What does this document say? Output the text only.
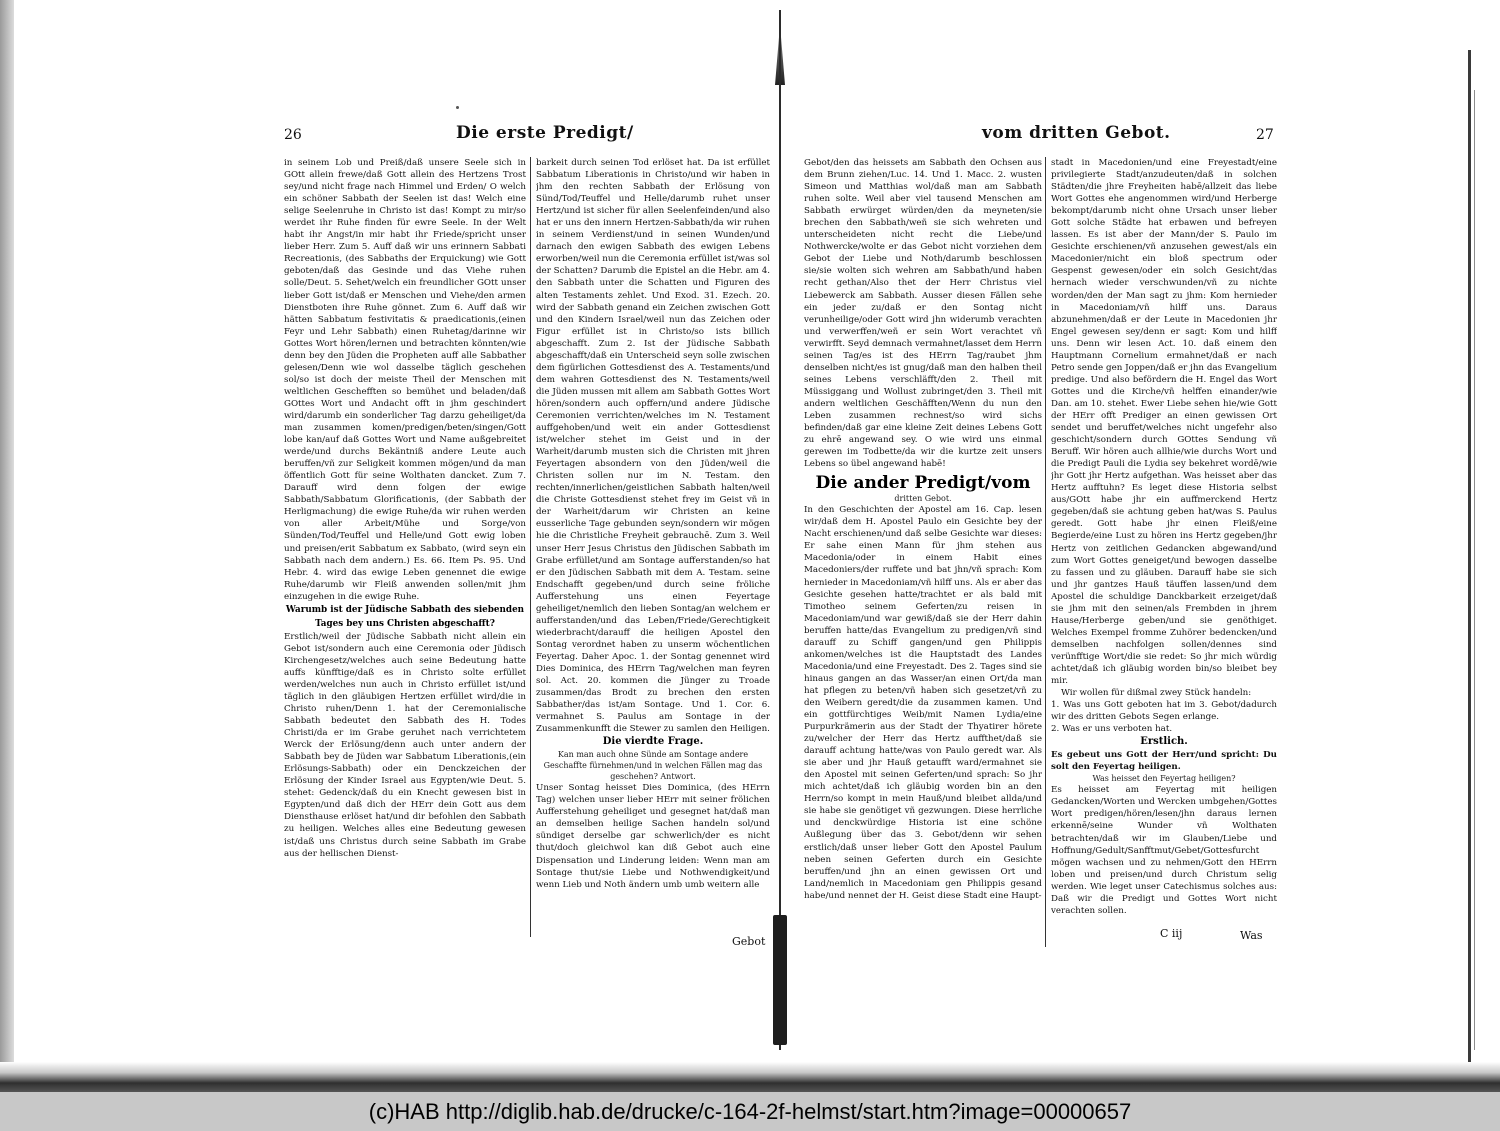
26	Die erste Predigt/

in seinem Lob und Preiß/daß unsere Seele sich in GOtt allein frewe/daß Gott allein des Hertzens Trost sey/und nicht frage nach Himmel und Erden/ O welch ein schöner Sabbath der Seelen ist das! Welch eine selige Seelenruhe in Christo ist das! Kompt zu mir/so werdet ihr Ruhe finden für ewre Seele. In der Welt habt ihr Angst/in mir habt ihr Friede/spricht unser lieber Herr. Zum 5. Auff daß wir uns erinnern Sabbati Recreationis, (des Sabbaths der Erquickung) wie Gott geboten/daß das Gesinde und das Viehe ruhen solle/Deut. 5. Sehet/welch ein freundlicher GOtt unser lieber Gott ist/daß er Menschen und Viehe/den armen Dienstboten ihre Ruhe gönnet. Zum 6. Auff daß wir hätten Sabbatum festivitatis & praedicationis,(einen Feyr und Lehr Sabbath) einen Ruhetag/darinne wir Gottes Wort hören/lernen und betrachten könnten/wie denn bey den Jüden die Propheten auff alle Sabbather gelesen/Denn wie wol dasselbe täglich geschehen sol/so ist doch der meiste Theil der Menschen mit weltlichen Geschefften so bemühet und beladen/daß GOttes Wort und Andacht offt in jhm geschindert wird/darumb ein sonderlicher Tag darzu geheiliget/da man zusammen komen/predigen/beten/singen/Gott lobe kan/auf daß Gottes Wort und Name außgebreitet werde/und durchs Bekäntniß andere Leute auch beruffen/vñ zur Seligkeit kommen mögen/und da man öffentlich Gott für seine Wolthaten dancket. Zum 7. Darauff wird denn folgen der ewige Sabbath/Sabbatum Glorificationis, (der Sabbath der Herligmachung) die ewige Ruhe/da wir ruhen werden von aller Arbeit/Mühe und Sorge/von Sünden/Tod/Teuffel und Helle/und Gott ewig loben und preisen/erit Sabbatum ex Sabbato, (wird seyn ein Sabbath nach dem andern.) Es. 66. Item Ps. 95. Und Hebr. 4. wird das ewige Leben genennet die ewige Ruhe/darumb wir Fleiß anwenden sollen/mit jhm einzugehen in die ewige Ruhe.

Warumb ist der Jüdische Sabbath des siebenden Tages bey uns Christen abgeschafft?

Erstlich/weil der Jüdische Sabbath nicht allein ein Gebot ist/sondern auch eine Ceremonia oder Jüdisch Kirchengesetz/welches auch seine Bedeutung hatte auffs künfftige/daß es in Christo solte erfüllet werden/welches nun auch in Christo erfüllet ist/und täglich in den gläubigen Hertzen erfüllet wird/die in Christo ruhen/Denn 1. hat der Ceremonialische Sabbath bedeutet den Sabbath des H. Todes Christi/da er im Grabe geruhet nach verrichtetem Werck der Erlösung/denn auch unter andern der Sabbath bey de Jüden war Sabbatum Liberationis,(ein Erlösungs-Sabbath) oder ein Denckzeichen der Erlösung der Kinder Israel aus Egypten/wie Deut. 5. stehet: Gedenck/daß du ein Knecht gewesen bist in Egypten/und daß dich der HErr dein Gott aus dem Diensthause erlöset hat/und dir befohlen den Sabbath zu heiligen. Welches alles eine Bedeutung gewesen ist/daß uns Christus durch seine Sabbath im Grabe aus der hellischen Dienst-

barkeit durch seinen Tod erlöset hat. Da ist erfüllet Sabbatum Liberationis in Christo/und wir haben in jhm den rechten Sabbath der Erlösung von Sünd/Tod/Teuffel und Helle/darumb ruhet unser Hertz/und ist sicher für allen Seelenfeinden/und also hat er uns den innern Hertzen-Sabbath/da wir ruhen in seinem Verdienst/und in seinen Wunden/und darnach den ewigen Sabbath des ewigen Lebens erworben/weil nun die Ceremonia erfüllet ist/was sol der Schatten? Darumb die Epistel an die Hebr. am 4. den Sabbath unter die Schatten und Figuren des alten Testaments zehlet. Und Exod. 31. Ezech. 20. wird der Sabbath genand ein Zeichen zwischen Gott und den Kindern Israel/weil nun das Zeichen oder Figur erfüllet ist in Christo/so ists billich abgeschafft. Zum 2. Ist der Jüdische Sabbath abgeschafft/daß ein Unterscheid seyn solle zwischen dem figürlichen Gottesdienst des A. Testaments/und dem wahren Gottesdienst des N. Testaments/weil die Jüden mussen mit allem am Sabbath Gottes Wort hören/sondern auch opffern/und andere Jüdische Ceremonien verrichten/welches im N. Testament auffgehoben/und weit ein ander Gottesdienst ist/welcher stehet im Geist und in der Warheit/darumb musten sich die Christen mit jhren Feyertagen absondern von den Jüden/weil die Christen sollen nur im N. Testam. den rechten/innerlichen/geistlichen Sabbath halten/weil die Christe Gottesdienst stehet frey im Geist vñ in der Warheit/darum wir Christen an keine eusserliche Tage gebunden seyn/sondern wir mögen hie die Christliche Freyheit gebrauchē. Zum 3. Weil unser Herr Jesus Christus den Jüdischen Sabbath im Grabe erfüllet/und am Sontage aufferstanden/so hat er den Jüdischen Sabbath mit dem A. Testam. seine Endschafft gegeben/und durch seine fröliche Aufferstehung uns einen Feyertage geheiliget/nemlich den lieben Sontag/an welchem er aufferstanden/und das Leben/Friede/Gerechtigkeit wiederbracht/darauff die heiligen Apostel den Sontag verordnet haben zu unserm wöchentlichen Feyertag. Daher Apoc. 1. der Sontag genennet wird Dies Dominica, des HErrn Tag/welchen man feyren sol. Act. 20. kommen die Jünger zu Troade zusammen/das Brodt zu brechen den ersten Sabbather/das ist/am Sontage. Und 1. Cor. 6. vermahnet S. Paulus am Sontage in der Zusammenkunfft die Stewer zu samlen den Heiligen.

Die vierdte Frage.

Kan man auch ohne Sünde am Sontage andere Geschaffte fürnehmen/und in welchen Fällen mag das geschehen? Antwort.

Unser Sontag heisset Dies Dominica, (des HErrn Tag) welchen unser lieber HErr mit seiner frölichen Aufferstehung geheiliget und gesegnet hat/daß man an demselben heilige Sachen handeln sol/und sündiget derselbe gar schwerlich/der es nicht thut/doch gleichwol kan diß Gebot auch eine Dispensation und Linderung leiden: Wenn man am Sontage thut/sie Liebe und Nothwendigkeit/und wenn Lieb und Noth ändern umb umb weitern alle

Gebot
vom dritten Gebot.	27

Gebot/den das heissets am Sabbath den Ochsen aus dem Brunn ziehen/Luc. 14. Und 1. Macc. 2. wusten Simeon und Matthias wol/daß man am Sabbath ruhen solte. Weil aber viel tausend Menschen am Sabbath erwürget würden/den da meyneten/sie brechen den Sabbath/weñ sie sich wehreten und unterscheideten nicht recht die Liebe/und Nothwercke/wolte er das Gebot nicht vorziehen dem Gebot der Liebe und Noth/darumb beschlossen sie/sie wolten sich wehren am Sabbath/und haben recht gethan/Also thet der Herr Christus viel Liebewerck am Sabbath. Ausser diesen Fällen sehe ein jeder zu/daß er den Sontag nicht verunheilige/oder Gott wird jhn widerumb verachten und verwerffen/weñ er sein Wort verachtet vñ verwirfft. Seyd demnach vermahnet/lasset dem Herrn seinen Tag/es ist des HErrn Tag/raubet jhm denselben nicht/es ist gnug/daß man den halben theil seines Lebens verschläfft/den 2. Theil mit Müssiggang und Wollust zubringet/den 3. Theil mit andern weltlichen Geschäfften/Wenn du nun den Leben zusammen rechnest/so wird sichs befinden/daß gar eine kleine Zeit deines Lebens Gott zu ehrē angewand sey. O wie wird uns einmal gerewen im Todbette/da wir die kurtze zeit unsers Lebens so übel angewand habē!

Die ander Predigt/vom

dritten Gebot.

In den Geschichten der Apostel am 16. Cap. lesen wir/daß dem H. Apostel Paulo ein Gesichte bey der Nacht erschienen/und daß selbe Gesichte war dieses: Er sahe einen Mann für jhm stehen aus Macedonia/oder in einem Habit eines Macedoniers/der ruffete und bat jhn/vñ sprach: Kom hernieder in Macedoniam/vñ hilff uns. Als er aber das Gesichte gesehen hatte/trachtet er als bald mit Timotheo seinem Geferten/zu reisen in Macedoniam/und war gewiß/daß sie der Herr dahin beruffen hatte/das Evangelium zu predigen/vñ sind darauff zu Schiff gangen/und gen Philippis ankomen/welches ist die Hauptstadt des Landes Macedonia/und eine Freyestadt. Des 2. Tages sind sie hinaus gangen an das Wasser/an einen Ort/da man hat pflegen zu beten/vñ haben sich gesetzet/vñ zu den Weibern geredt/die da zusammen kamen. Und ein gottfürchtiges Weib/mit Namen Lydia/eine Purpurkrämerin aus der Stadt der Thyatirer hörete zu/welcher der Herr das Hertz auffthet/daß sie darauff achtung hatte/was von Paulo geredt war. Als sie aber und jhr Hauß getaufft ward/ermahnet sie den Apostel mit seinen Geferten/und sprach: So jhr mich achtet/daß ich gläubig worden bin an den Herrn/so kompt in mein Hauß/und bleibet allda/und sie habe sie genötiget vñ gezwungen. Diese herrliche und denckwürdige Historia ist eine schöne Außlegung über das 3. Gebot/denn wir sehen erstlich/daß unser lieber Gott den Apostel Paulum neben seinen Geferten durch ein Gesichte beruffen/und jhn an einen gewissen Ort und Land/nemlich in Macedoniam gen Philippis gesand habe/und nennet der H. Geist diese Stadt eine Haupt-

stadt in Macedonien/und eine Freyestadt/eine privilegierte Stadt/anzudeuten/daß in solchen Städten/die jhre Freyheiten habē/allzeit das liebe Wort Gottes ehe angenommen wird/und Herberge bekompt/darumb nicht ohne Ursach unser lieber Gott solche Städte hat erbawen und befreyen lassen. Es ist aber der Mann/der S. Paulo im Gesichte erschienen/vñ anzusehen gewest/als ein Macedonier/nicht ein bloß spectrum oder Gespenst gewesen/oder ein solch Gesicht/das hernach wieder verschwunden/vñ zu nichte worden/den der Man sagt zu jhm: Kom hernieder in Macedoniam/vñ hilff uns. Daraus abzunehmen/daß er der Leute in Macedonien jhr Engel gewesen sey/denn er sagt: Kom und hilff uns. Denn wir lesen Act. 10. daß einem den Hauptmann Cornelium ermahnet/daß er nach Petro sende gen Joppen/daß er jhn das Evangelium predige. Und also befördern die H. Engel das Wort Gottes und die Kirche/vñ helffen einander/wie Dan. am 10. stehet. Ewer Liebe sehen hie/wie Gott der HErr offt Prediger an einen gewissen Ort sendet und beruffet/welches nicht ungefehr also geschicht/sondern durch GOttes Sendung vñ Beruff. Wir hören auch allhie/wie durchs Wort und die Predigt Pauli die Lydia sey bekehret wordē/wie jhr Gott jhr Hertz aufgethan. Was heisset aber das Hertz aufftuhn? Es leget diese Historia selbst aus/GOtt habe jhr ein auffmerckend Hertz gegeben/daß sie achtung geben hat/was S. Paulus geredt. Gott habe jhr einen Fleiß/eine Begierde/eine Lust zu hören ins Hertz gegeben/jhr Hertz von zeitlichen Gedancken abgewand/und zum Wort Gottes geneiget/und bewogen dasselbe zu fassen und zu gläuben. Darauff habe sie sich und jhr gantzes Hauß täuffen lassen/und dem Apostel die schuldige Danckbarkeit erzeiget/daß sie jhm mit den seinen/als Frembden in jhrem Hause/Herberge geben/und sie genöthiget. Welches Exempel fromme Zuhörer bedencken/und demselben nachfolgen sollen/dennes sind verünfftige Wort/die sie redet: So jhr mich würdig achtet/daß ich gläubig worden bin/so bleibet bey mir.

Wir wollen für dißmal zwey Stück handeln:

1. Was uns Gott geboten hat im 3. Gebot/dadurch wir des dritten Gebots Segen erlange.

2. Was er uns verboten hat.

Erstlich.

Es gebeut uns Gott der Herr/und spricht: Du solt den Feyertag heiligen.

Was heisset den Feyertag heiligen?

Es heisset am Feyertag mit heiligen Gedancken/Worten und Wercken umbgehen/Gottes Wort predigen/hören/lesen/jhn daraus lernen erkennē/seine Wunder vñ Wolthaten betrachten/daß wir im Glauben/Liebe und Hoffnung/Gedult/Sanfftmut/Gebet/Gottesfurcht mögen wachsen und zu nehmen/Gott den HErrn loben und preisen/und durch Christum selig werden. Wie leget unser Catechismus solches aus: Daß wir die Predigt und Gottes Wort nicht verachten sollen.

C iij	Was
(c)HAB http://diglib.hab.de/drucke/c-164-2f-helmst/start.htm?image=00000657
